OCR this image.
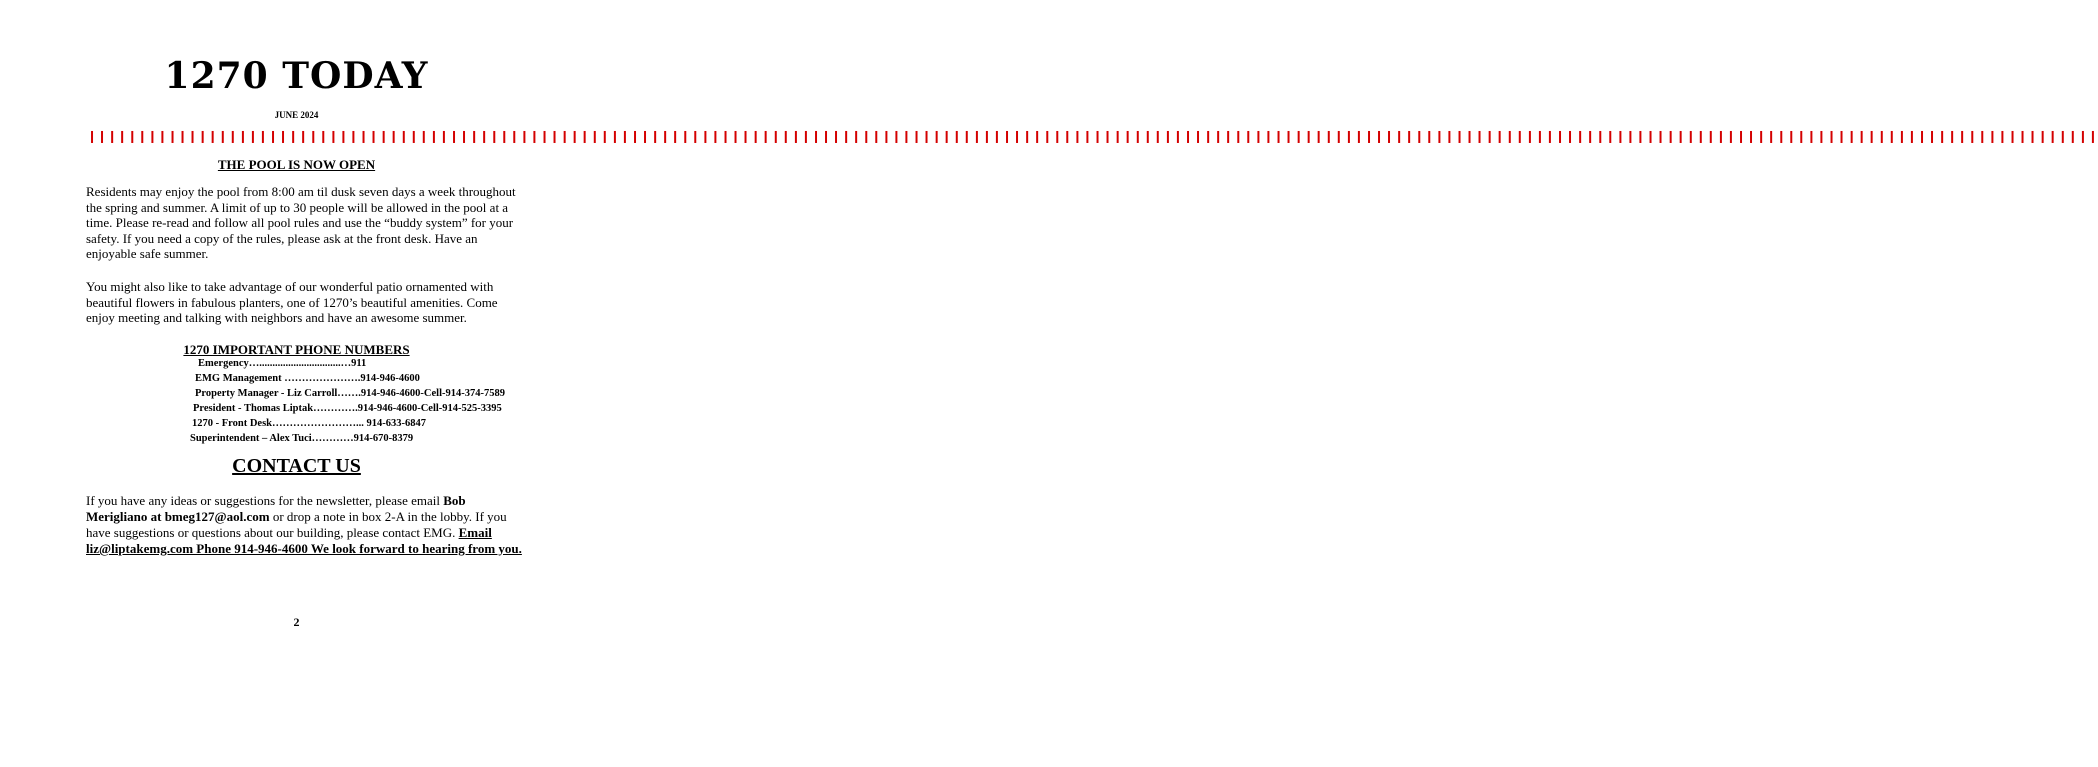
1270 TODAY
JUNE 2024
❙❙❙❙❙❙❙❙❙❙❙❙❙❙❙❙❙❙❙❙❙❙❙❙❙❙❙❙❙❙❙❙❙❙❙❙❙❙❙❙❙❙❙❙❙❙❙❙❙❙❙❙❙❙❙❙❙❙❙❙❙❙❙❙❙❙❙❙❙❙❙❙❙❙❙❙❙❙❙❙❙❙❙❙❙❙❙❙❙❙❙❙❙❙❙❙❙❙❙❙❙❙❙❙❙❙❙❙❙❙❙❙❙❙❙❙❙❙❙❙❙❙❙❙❙❙❙❙❙❙❙❙❙❙❙❙❙❙❙❙❙❙❙❙❙❙❙❙❙❙❙❙❙❙❙❙❙❙❙❙❙❙❙❙❙❙❙❙❙❙❙❙❙❙❙❙❙❙❙❙❙❙❙❙❙❙❙❙❙❙❙❙❙❙❙❙❙❙❙❙
THE POOL IS NOW OPEN
Residents may enjoy the pool from 8:00 am til dusk seven days a week throughout the spring and summer. A limit of up to 30 people will be allowed in the pool at a time. Please re-read and follow all pool rules and use the “buddy system” for your safety. If you need a copy of the rules, please ask at the front desk. Have an enjoyable safe summer.
You might also like to take advantage of our wonderful patio ornamented with beautiful flowers in fabulous planters, one of 1270’s beautiful amenities. Come enjoy meeting and talking with neighbors and have an awesome summer.
1270 IMPORTANT PHONE NUMBERS
Emergency…...............................…911
EMG Management ………………….914-946-4600
Property Manager - Liz Carroll…….914-946-4600-Cell-914-374-7589
President - Thomas Liptak………….914-946-4600-Cell-914-525-3395
1270 - Front Desk……………………... 914-633-6847
Superintendent – Alex Tuci…………914-670-8379
CONTACT US
If you have any ideas or suggestions for the newsletter, please email Bob Merigliano at bmeg127@aol.com or drop a note in box 2-A in the lobby. If you have suggestions or questions about our building, please contact EMG. Email liz@liptakemg.com Phone 914-946-4600 We look forward to hearing from you.
2
